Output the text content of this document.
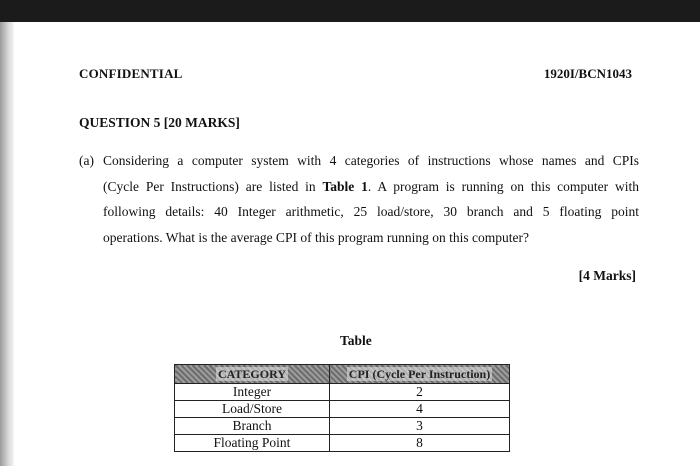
CONFIDENTIAL	1920I/BCN1043
QUESTION 5 [20 MARKS]
(a) Considering a computer system with 4 categories of instructions whose names and CPIs
(Cycle Per Instructions) are listed in Table 1. A program is running on this computer with
following details: 40 Integer arithmetic, 25 load/store, 30 branch and 5 floating point
operations. What is the average CPI of this program running on this computer?
[4 Marks]
Table
CATEGORY	CPI (Cycle Per Instruction)
Integer	2
Load/Store	4
Branch	3
Floating Point	8
